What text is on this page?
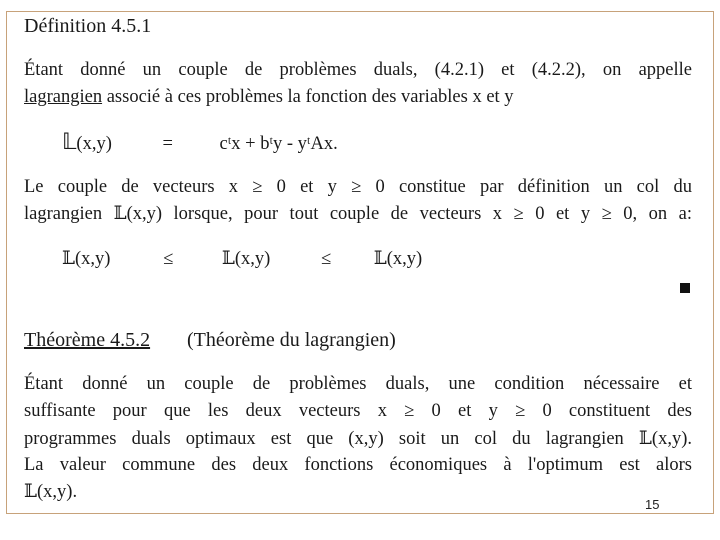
Définition 4.5.1
Étant donné un couple de problèmes duals, (4.2.1) et (4.2.2), on appelle
lagrangien associé à ces problèmes la fonction des variables x et y
𝕃(x,y)	=	cᵗx + bᵗy - yᵗAx.
Le couple de vecteurs x ≥ 0 et y ≥ 0 constitue par définition un col du
lagrangien 𝕃(x,y) lorsque, pour tout couple de vecteurs x ≥ 0 et y ≥ 0, on a:
𝕃(x,y)	≤	𝕃(x,y)	≤ 𝕃(x,y)
Théorème 4.5.2 (Théorème du lagrangien)
Étant donné un couple de problèmes duals, une condition nécessaire et
suffisante pour que les deux vecteurs x ≥ 0 et y ≥ 0 constituent des
programmes duals optimaux est que (x,y) soit un col du lagrangien 𝕃(x,y).
La valeur commune des deux fonctions économiques à l'optimum est alors
𝕃(x,y).
15
